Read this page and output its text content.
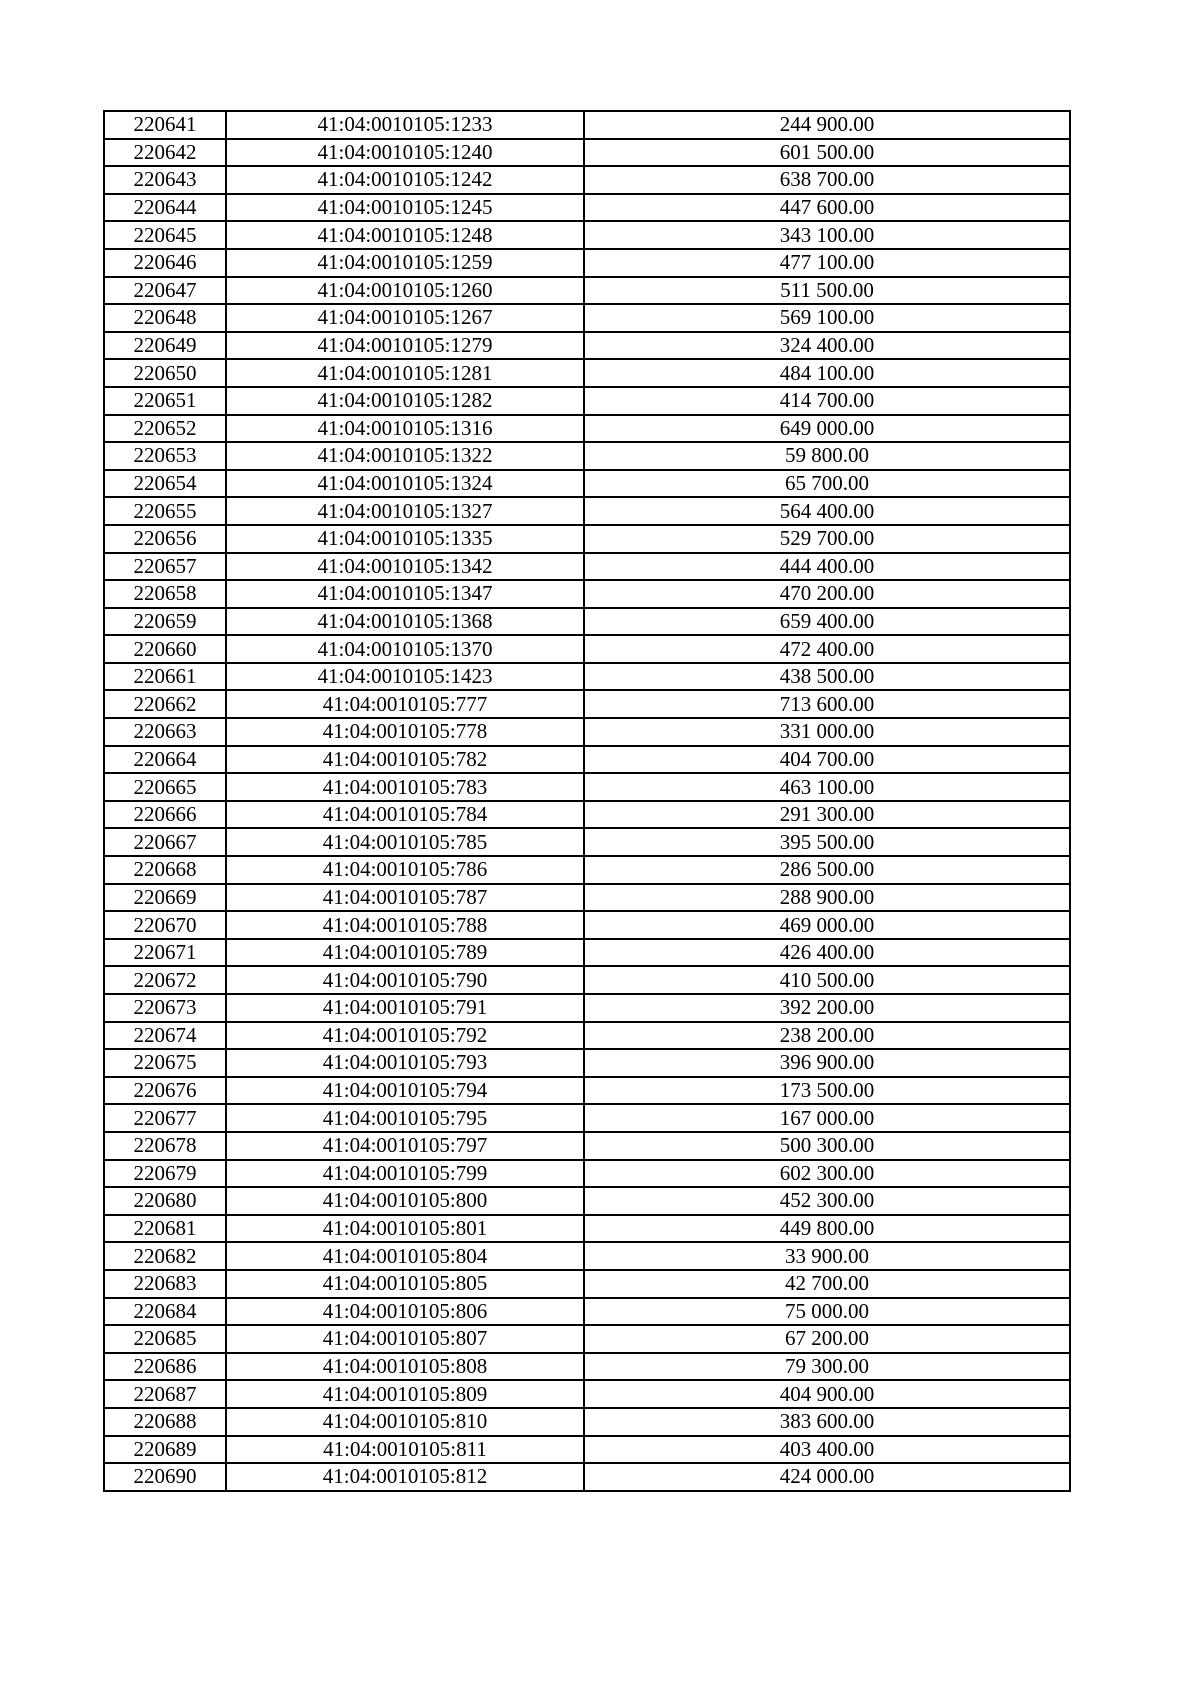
220641	41:04:0010105:1233	244 900.00
220642	41:04:0010105:1240	601 500.00
220643	41:04:0010105:1242	638 700.00
220644	41:04:0010105:1245	447 600.00
220645	41:04:0010105:1248	343 100.00
220646	41:04:0010105:1259	477 100.00
220647	41:04:0010105:1260	511 500.00
220648	41:04:0010105:1267	569 100.00
220649	41:04:0010105:1279	324 400.00
220650	41:04:0010105:1281	484 100.00
220651	41:04:0010105:1282	414 700.00
220652	41:04:0010105:1316	649 000.00
220653	41:04:0010105:1322	59 800.00
220654	41:04:0010105:1324	65 700.00
220655	41:04:0010105:1327	564 400.00
220656	41:04:0010105:1335	529 700.00
220657	41:04:0010105:1342	444 400.00
220658	41:04:0010105:1347	470 200.00
220659	41:04:0010105:1368	659 400.00
220660	41:04:0010105:1370	472 400.00
220661	41:04:0010105:1423	438 500.00
220662	41:04:0010105:777	713 600.00
220663	41:04:0010105:778	331 000.00
220664	41:04:0010105:782	404 700.00
220665	41:04:0010105:783	463 100.00
220666	41:04:0010105:784	291 300.00
220667	41:04:0010105:785	395 500.00
220668	41:04:0010105:786	286 500.00
220669	41:04:0010105:787	288 900.00
220670	41:04:0010105:788	469 000.00
220671	41:04:0010105:789	426 400.00
220672	41:04:0010105:790	410 500.00
220673	41:04:0010105:791	392 200.00
220674	41:04:0010105:792	238 200.00
220675	41:04:0010105:793	396 900.00
220676	41:04:0010105:794	173 500.00
220677	41:04:0010105:795	167 000.00
220678	41:04:0010105:797	500 300.00
220679	41:04:0010105:799	602 300.00
220680	41:04:0010105:800	452 300.00
220681	41:04:0010105:801	449 800.00
220682	41:04:0010105:804	33 900.00
220683	41:04:0010105:805	42 700.00
220684	41:04:0010105:806	75 000.00
220685	41:04:0010105:807	67 200.00
220686	41:04:0010105:808	79 300.00
220687	41:04:0010105:809	404 900.00
220688	41:04:0010105:810	383 600.00
220689	41:04:0010105:811	403 400.00
220690	41:04:0010105:812	424 000.00
